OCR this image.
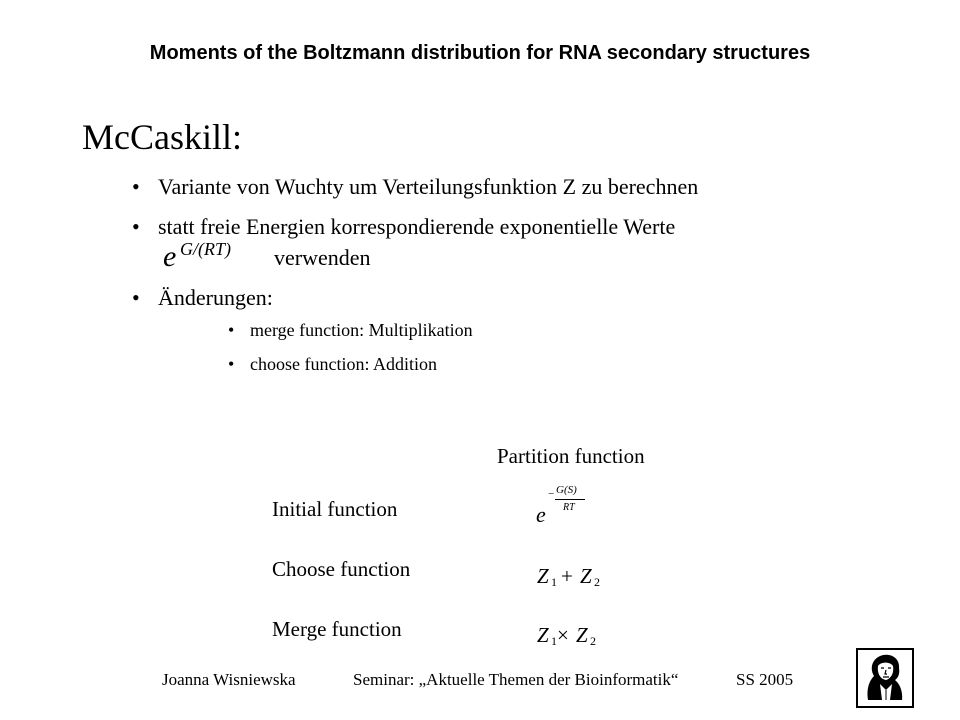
Moments of the Boltzmann distribution for RNA secondary structures
McCaskill:
• Variante von Wuchty um Verteilungsfunktion Z zu berechnen
• statt freie Energien korrespondierende exponentielle Werte
e G/(RT) verwenden
• Änderungen:
• merge function: Multiplikation
• choose function: Addition
Partition function
Initial function	e
− G(S)
RT
Choose function	Z 1 + Z 2
Merge function	Z 1 × Z 2
Joanna Wisniewska	Seminar: „Aktuelle Themen der Bioinformatik“	SS 2005
